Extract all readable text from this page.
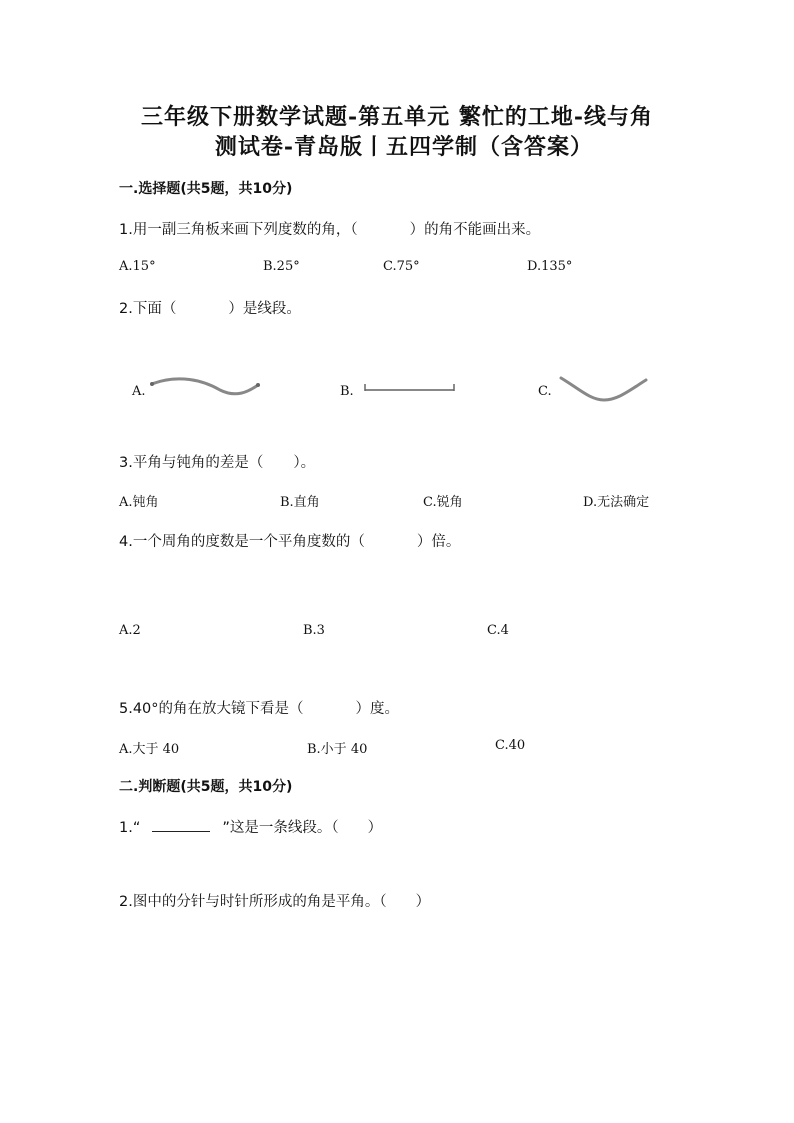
三年级下册数学试题-第五单元 繁忙的工地-线与角
测试卷-青岛版丨五四学制（含答案）
一.选择题(共5题，共10分)
1.用一副三角板来画下列度数的角，（	）的角不能画出来。
A.15°	B.25°	C.75°	D.135°
2.下面（	）是线段。
A.	B.	C.
3.平角与钝角的差是（ ）。
A.钝角	B.直角	C.锐角	D.无法确定
4.一个周角的度数是一个平角度数的（	）倍。
A.2	B.3	C.4
5.40°的角在放大镜下看是（	）度。
A.大于 40	B.小于 40	C.40
二.判断题(共5题，共10分)
1.“	”这是一条线段。（　　）
2.图中的分针与时针所形成的角是平角。（　　）
